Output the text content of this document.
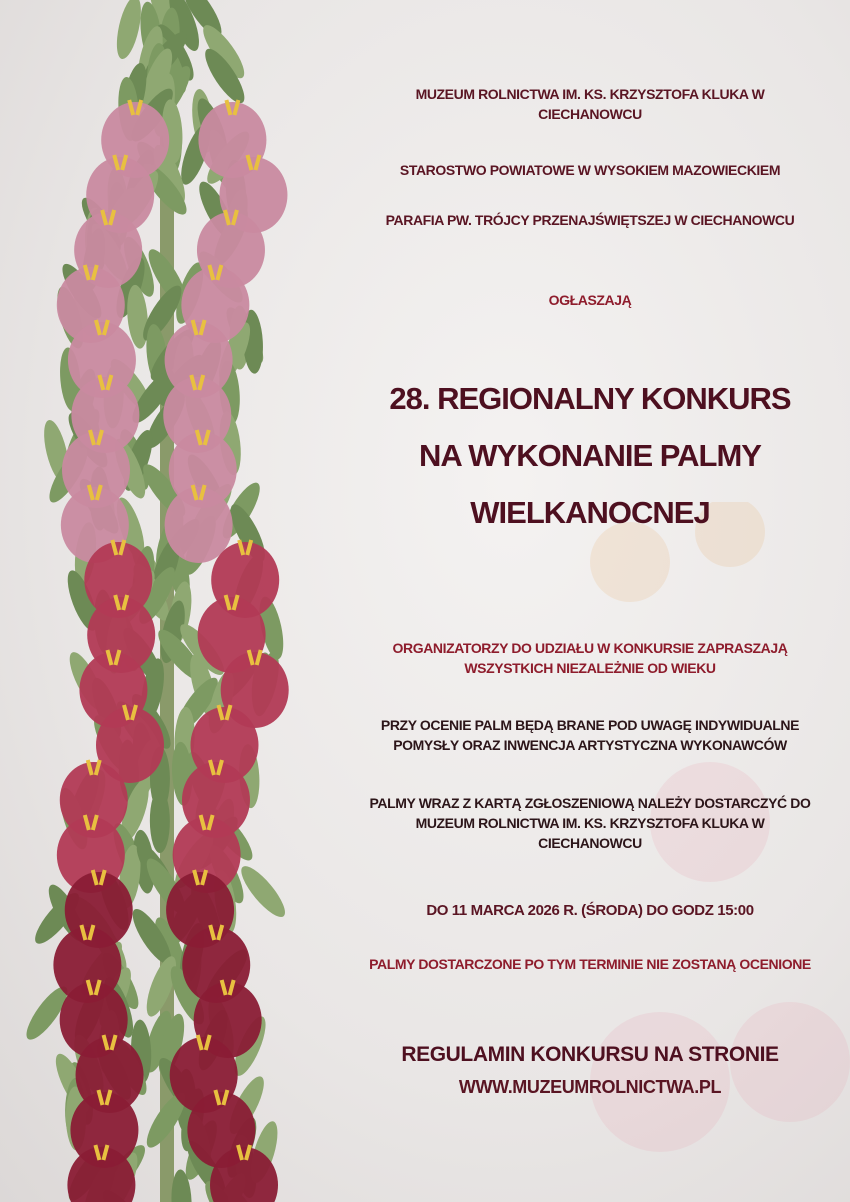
MUZEUM ROLNICTWA IM. KS. KRZYSZTOFA KLUKA W
CIECHANOWCU
STAROSTWO POWIATOWE W WYSOKIEM MAZOWIECKIEM
PARAFIA PW. TRÓJCY PRZENAJŚWIĘTSZEJ W CIECHANOWCU
OGŁASZAJĄ
28. REGIONALNY KONKURS
NA WYKONANIE PALMY
WIELKANOCNEJ
ORGANIZATORZY DO UDZIAŁU W KONKURSIE ZAPRASZAJĄ
WSZYSTKICH NIEZALEŻNIE OD WIEKU
PRZY OCENIE PALM BĘDĄ BRANE POD UWAGĘ INDYWIDUALNE
POMYSŁY ORAZ INWENCJA ARTYSTYCZNA WYKONAWCÓW
PALMY WRAZ Z KARTĄ ZGŁOSZENIOWĄ NALEŻY DOSTARCZYĆ DO
MUZEUM ROLNICTWA IM. KS. KRZYSZTOFA KLUKA W
CIECHANOWCU
DO 11 MARCA 2026 R. (ŚRODA) DO GODZ 15:00
PALMY DOSTARCZONE PO TYM TERMINIE NIE ZOSTANĄ OCENIONE
REGULAMIN KONKURSU NA STRONIE
WWW.MUZEUMROLNICTWA.PL
